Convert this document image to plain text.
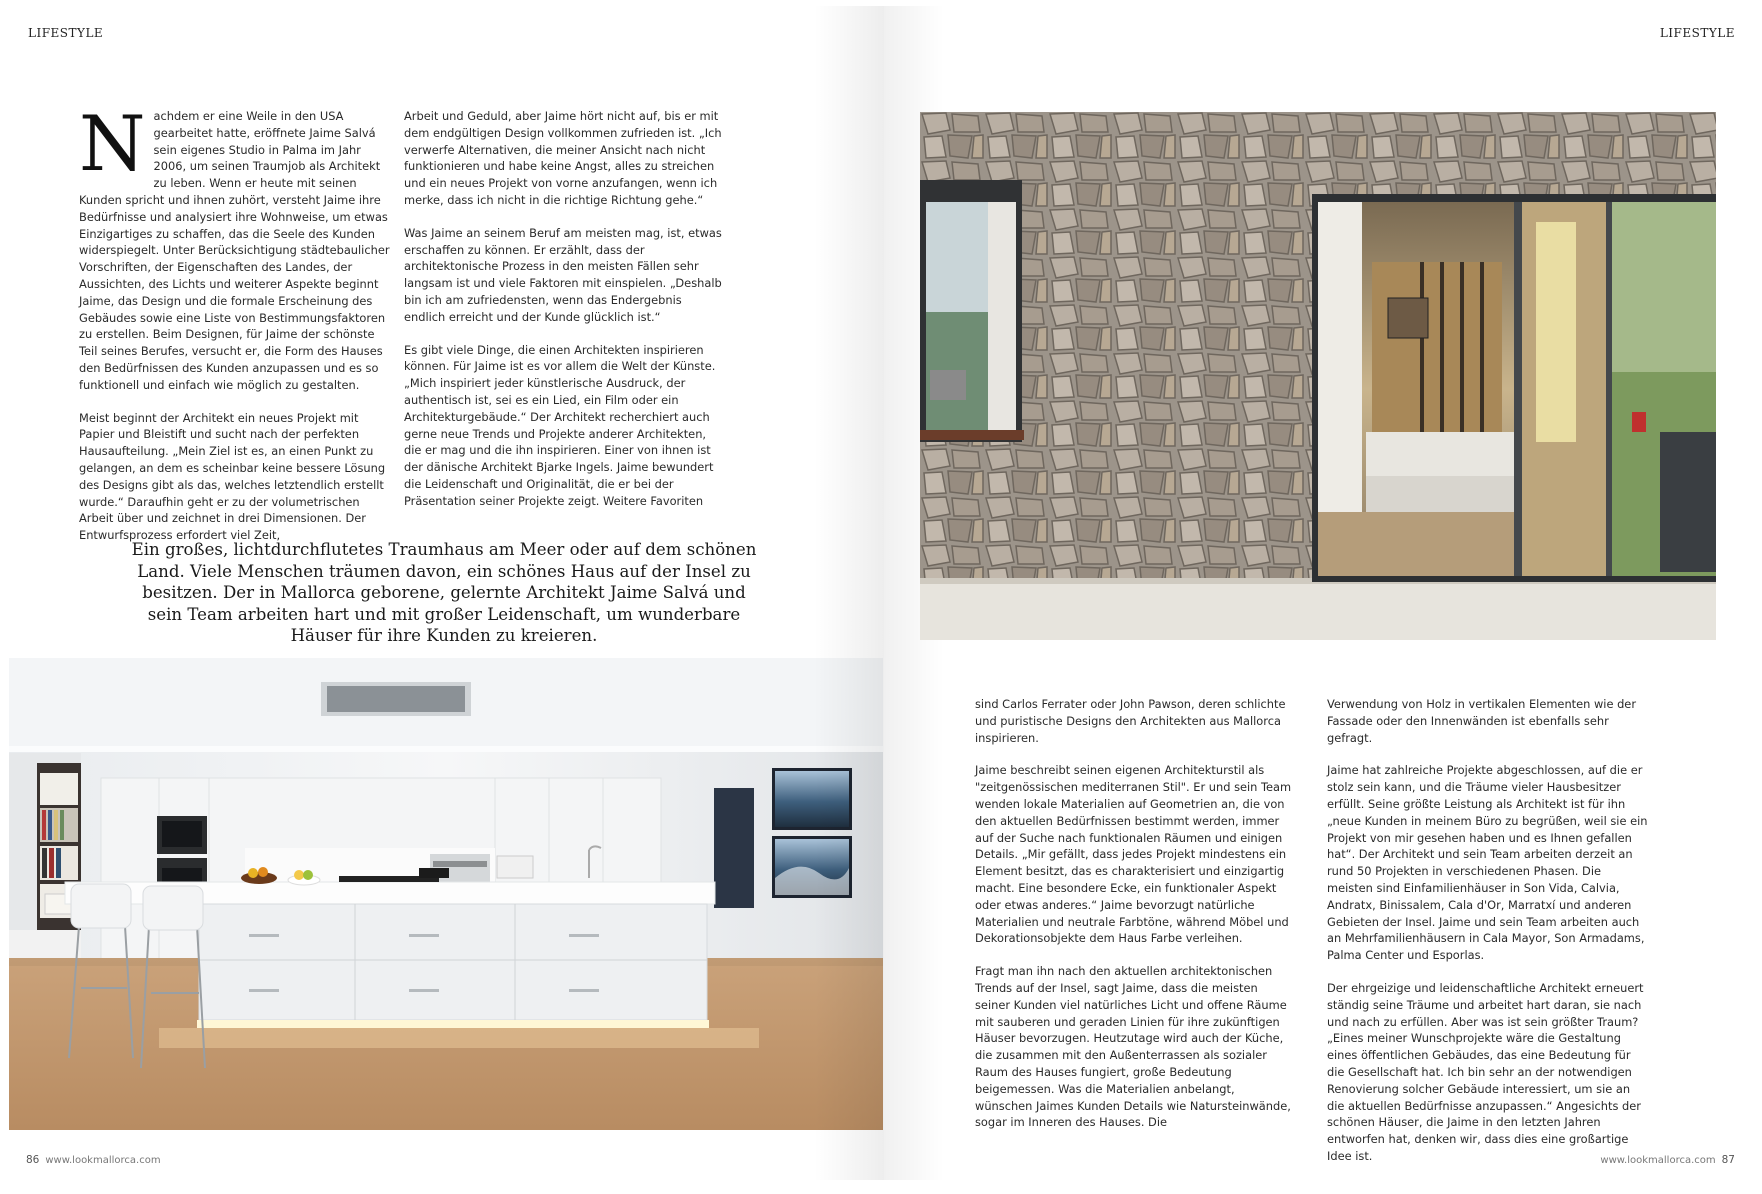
LIFESTYLE

Nachdem er eine Weile in den USA gearbeitet hatte, eröffnete Jaime Salvá sein eigenes Studio in Palma im Jahr 2006, um seinen Traumjob als Architekt zu leben. Wenn er heute mit seinen Kunden spricht und ihnen zuhört, versteht Jaime ihre Bedürfnisse und analysiert ihre Wohnweise, um etwas Einzigartiges zu schaffen, das die Seele des Kunden widerspiegelt. Unter Berücksichtigung städtebaulicher Vorschriften, der Eigenschaften des Landes, der Aussichten, des Lichts und weiterer Aspekte beginnt Jaime, das Design und die formale Erscheinung des Gebäudes sowie eine Liste von Bestimmungsfaktoren zu erstellen. Beim Designen, für Jaime der schönste Teil seines Berufes, versucht er, die Form des Hauses den Bedürfnissen des Kunden anzupassen und es so funktionell und einfach wie möglich zu gestalten.

Meist beginnt der Architekt ein neues Projekt mit Papier und Bleistift und sucht nach der perfekten Hausaufteilung. „Mein Ziel ist es, an einen Punkt zu gelangen, an dem es scheinbar keine bessere Lösung des Designs gibt als das, welches letztendlich erstellt wurde.“ Daraufhin geht er zu der volumetrischen Arbeit über und zeichnet in drei Dimensionen. Der Entwurfsprozess erfordert viel Zeit,

Arbeit und Geduld, aber Jaime hört nicht auf, bis er mit dem endgültigen Design vollkommen zufrieden ist. „Ich verwerfe Alternativen, die meiner Ansicht nach nicht funktionieren und habe keine Angst, alles zu streichen und ein neues Projekt von vorne anzufangen, wenn ich merke, dass ich nicht in die richtige Richtung gehe.“

Was Jaime an seinem Beruf am meisten mag, ist, etwas erschaffen zu können. Er erzählt, dass der architektonische Prozess in den meisten Fällen sehr langsam ist und viele Faktoren mit einspielen. „Deshalb bin ich am zufriedensten, wenn das Endergebnis endlich erreicht und der Kunde glücklich ist.“

Es gibt viele Dinge, die einen Architekten inspirieren können. Für Jaime ist es vor allem die Welt der Künste. „Mich inspiriert jeder künstlerische Ausdruck, der authentisch ist, sei es ein Lied, ein Film oder ein Architekturgebäude.“ Der Architekt recherchiert auch gerne neue Trends und Projekte anderer Architekten, die er mag und die ihn inspirieren. Einer von ihnen ist der dänische Architekt Bjarke Ingels. Jaime bewundert die Leidenschaft und Originalität, die er bei der Präsentation seiner Projekte zeigt. Weitere Favoriten

Ein großes, lichtdurchflutetes Traumhaus am Meer oder auf dem schönen Land. Viele Menschen träumen davon, ein schönes Haus auf der Insel zu besitzen. Der in Mallorca geborene, gelernte Architekt Jaime Salvá und sein Team arbeiten hart und mit großer Leidenschaft, um wunderbare Häuser für ihre Kunden zu kreieren.
86 www.lookmallorca.com
LIFESTYLE

sind Carlos Ferrater oder John Pawson, deren schlichte und puristische Designs den Architekten aus Mallorca inspirieren.

Jaime beschreibt seinen eigenen Architekturstil als "zeitgenössischen mediterranen Stil". Er und sein Team wenden lokale Materialien auf Geometrien an, die von den aktuellen Bedürfnissen bestimmt werden, immer auf der Suche nach funktionalen Räumen und einigen Details. „Mir gefällt, dass jedes Projekt mindestens ein Element besitzt, das es charakterisiert und einzigartig macht. Eine besondere Ecke, ein funktionaler Aspekt oder etwas anderes.“ Jaime bevorzugt natürliche Materialien und neutrale Farbtöne, während Möbel und Dekorationsobjekte dem Haus Farbe verleihen.

Fragt man ihn nach den aktuellen architektonischen Trends auf der Insel, sagt Jaime, dass die meisten seiner Kunden viel natürliches Licht und offene Räume mit sauberen und geraden Linien für ihre zukünftigen Häuser bevorzugen. Heutzutage wird auch der Küche, die zusammen mit den Außenterrassen als sozialer Raum des Hauses fungiert, große Bedeutung beigemessen. Was die Materialien anbelangt, wünschen Jaimes Kunden Details wie Natursteinwände, sogar im Inneren des Hauses. Die

Verwendung von Holz in vertikalen Elementen wie der Fassade oder den Innenwänden ist ebenfalls sehr gefragt.

Jaime hat zahlreiche Projekte abgeschlossen, auf die er stolz sein kann, und die Träume vieler Hausbesitzer erfüllt. Seine größte Leistung als Architekt ist für ihn „neue Kunden in meinem Büro zu begrüßen, weil sie ein Projekt von mir gesehen haben und es Ihnen gefallen hat“. Der Architekt und sein Team arbeiten derzeit an rund 50 Projekten in verschiedenen Phasen. Die meisten sind Einfamilienhäuser in Son Vida, Calvia, Andratx, Binissalem, Cala d'Or, Marratxí und anderen Gebieten der Insel. Jaime und sein Team arbeiten auch an Mehrfamilienhäusern in Cala Mayor, Son Armadams, Palma Center und Esporlas.

Der ehrgeizige und leidenschaftliche Architekt erneuert ständig seine Träume und arbeitet hart daran, sie nach und nach zu erfüllen. Aber was ist sein größter Traum? „Eines meiner Wunschprojekte wäre die Gestaltung eines öffentlichen Gebäudes, das eine Bedeutung für die Gesellschaft hat. Ich bin sehr an der notwendigen Renovierung solcher Gebäude interessiert, um sie an die aktuellen Bedürfnisse anzupassen.“ Angesichts der schönen Häuser, die Jaime in den letzten Jahren entworfen hat, denken wir, dass dies eine großartige Idee ist.	www.lookmallorca.com 87
